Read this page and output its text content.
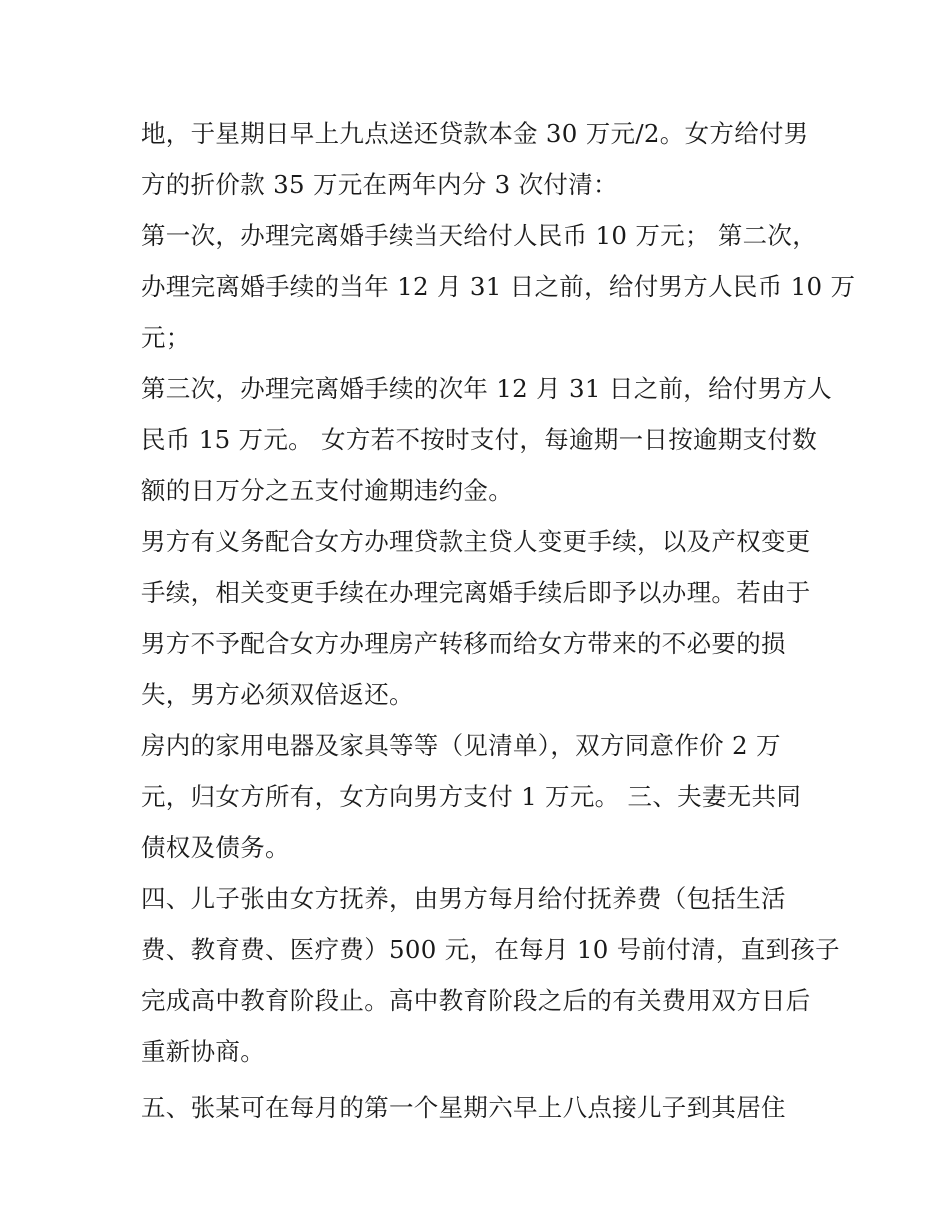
地，于星期日早上九点送还贷款本金 30 万元/2。女方给付男
方的折价款 35 万元在两年内分 3 次付清：
第一次，办理完离婚手续当天给付人民币 10 万元； 第二次，
办理完离婚手续的当年 12 月 31 日之前，给付男方人民币 10 万
元；
第三次，办理完离婚手续的次年 12 月 31 日之前，给付男方人
民币 15 万元。 女方若不按时支付，每逾期一日按逾期支付数
额的日万分之五支付逾期违约金。
男方有义务配合女方办理贷款主贷人变更手续，以及产权变更
手续，相关变更手续在办理完离婚手续后即予以办理。若由于
男方不予配合女方办理房产转移而给女方带来的不必要的损
失，男方必须双倍返还。
房内的家用电器及家具等等（见清单），双方同意作价 2 万
元，归女方所有，女方向男方支付 1 万元。 三、夫妻无共同
债权及债务。
四、儿子张由女方抚养，由男方每月给付抚养费（包括生活
费、教育费、医疗费）500 元，在每月 10 号前付清，直到孩子
完成高中教育阶段止。高中教育阶段之后的有关费用双方日后
重新协商。
五、张某可在每月的第一个星期六早上八点接儿子到其居住
